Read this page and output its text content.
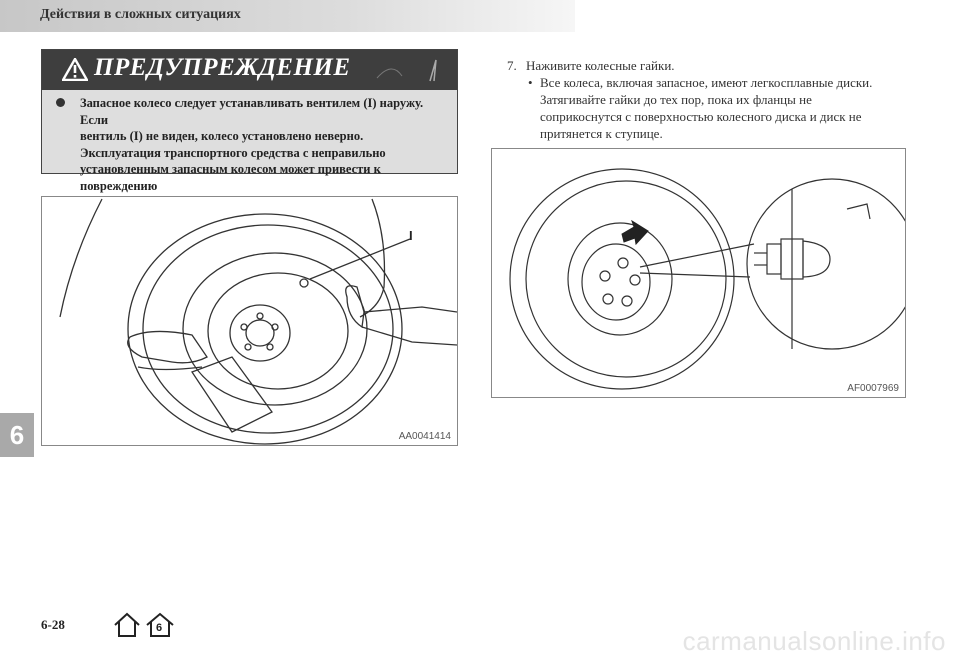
Действия в сложных ситуациях
6
ПРЕДУПРЕЖДЕНИЕ
Запасное колесо следует устанавливать вентилем (I) наружу. Если
вентиль (I) не виден, колесо установлено неверно.
Эксплуатация транспортного средства с неправильно
установленным запасным колесом может привести к повреждению
AA0041414
I
7. Наживите колесные гайки.
• Все колеса, включая запасное, имеют легкосплавные диски.
Затягивайте гайки до тех пор, пока их фланцы не
соприкоснутся с поверхностью колесного диска и диск не
притянется к ступице.
AF0007969
6-28	6	carmanualsonline.info
